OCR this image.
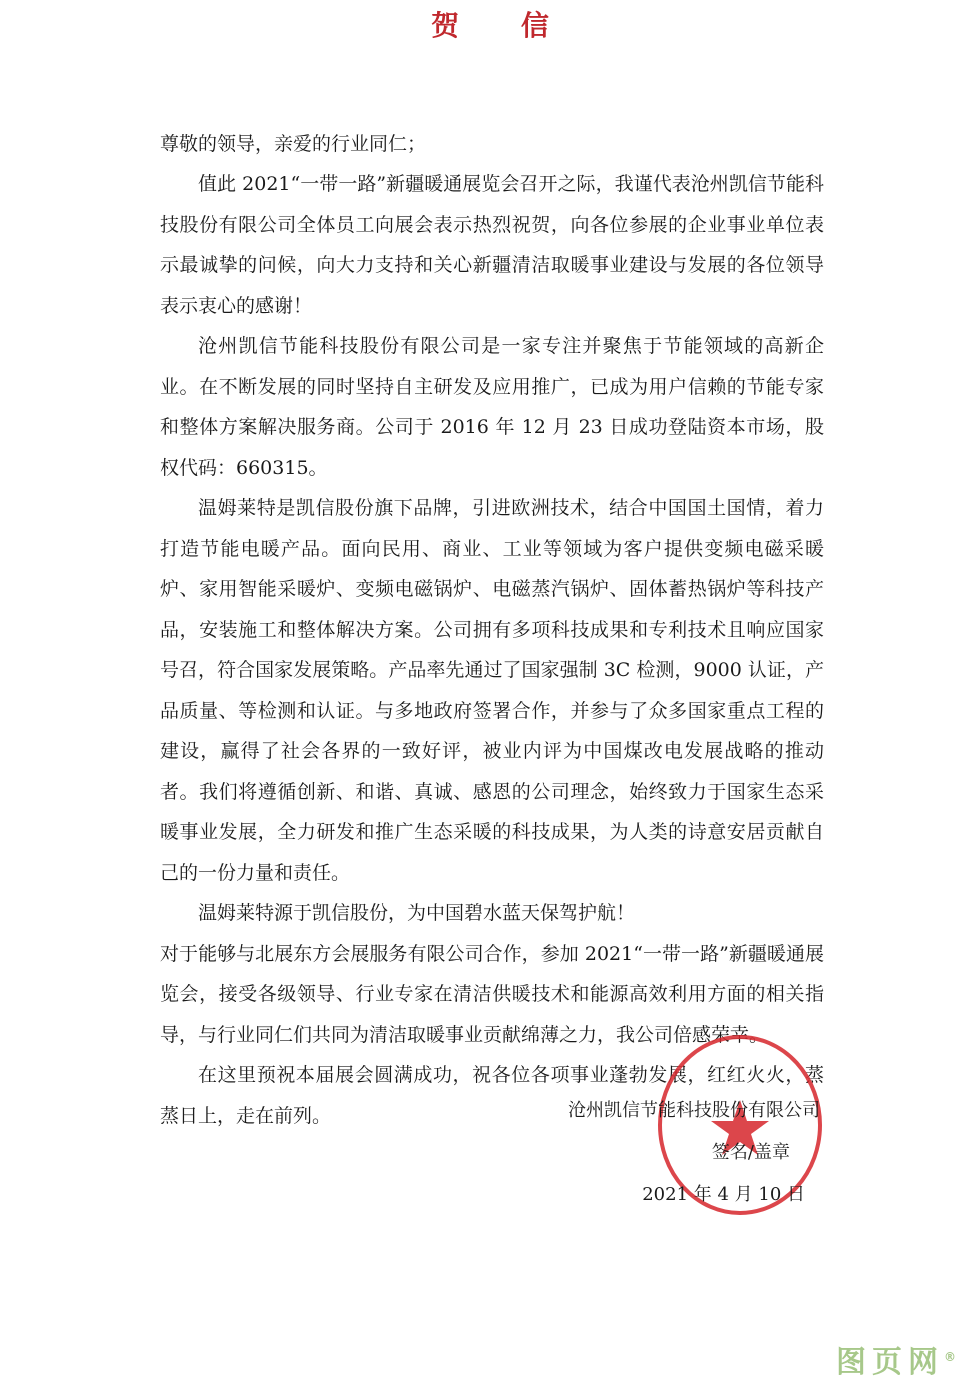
贺 信
尊敬的领导，亲爱的行业同仁；

值此 2021“一带一路”新疆暖通展览会召开之际，我谨代表沧州凯信节能科技股份有限公司全体员工向展会表示热烈祝贺，向各位参展的企业事业单位表示最诚挚的问候，向大力支持和关心新疆清洁取暖事业建设与发展的各位领导表示衷心的感谢！

沧州凯信节能科技股份有限公司是一家专注并聚焦于节能领域的高新企业。在不断发展的同时坚持自主研发及应用推广，已成为用户信赖的节能专家和整体方案解决服务商。公司于 2016 年 12 月 23 日成功登陆资本市场，股权代码：660315。

温姆莱特是凯信股份旗下品牌，引进欧洲技术，结合中国国土国情，着力打造节能电暖产品。面向民用、商业、工业等领域为客户提供变频电磁采暖炉、家用智能采暖炉、变频电磁锅炉、电磁蒸汽锅炉、固体蓄热锅炉等科技产品，安装施工和整体解决方案。公司拥有多项科技成果和专利技术且响应国家号召，符合国家发展策略。产品率先通过了国家强制 3C 检测，9000 认证，产品质量、等检测和认证。与多地政府签署合作，并参与了众多国家重点工程的建设，赢得了社会各界的一致好评，被业内评为中国煤改电发展战略的推动者。我们将遵循创新、和谐、真诚、感恩的公司理念，始终致力于国家生态采暖事业发展，全力研发和推广生态采暖的科技成果，为人类的诗意安居贡献自己的一份力量和责任。

温姆莱特源于凯信股份，为中国碧水蓝天保驾护航！

对于能够与北展东方会展服务有限公司合作，参加 2021“一带一路”新疆暖通展览会，接受各级领导、行业专家在清洁供暖技术和能源高效利用方面的相关指导，与行业同仁们共同为清洁取暖事业贡献绵薄之力，我公司倍感荣幸。

在这里预祝本届展会圆满成功，祝各位各项事业蓬勃发展，红红火火，蒸蒸日上，走在前列。	沧州凯信节能科技股份有限公司
签名/盖章
2021 年 4 月 10 日
图页网®
